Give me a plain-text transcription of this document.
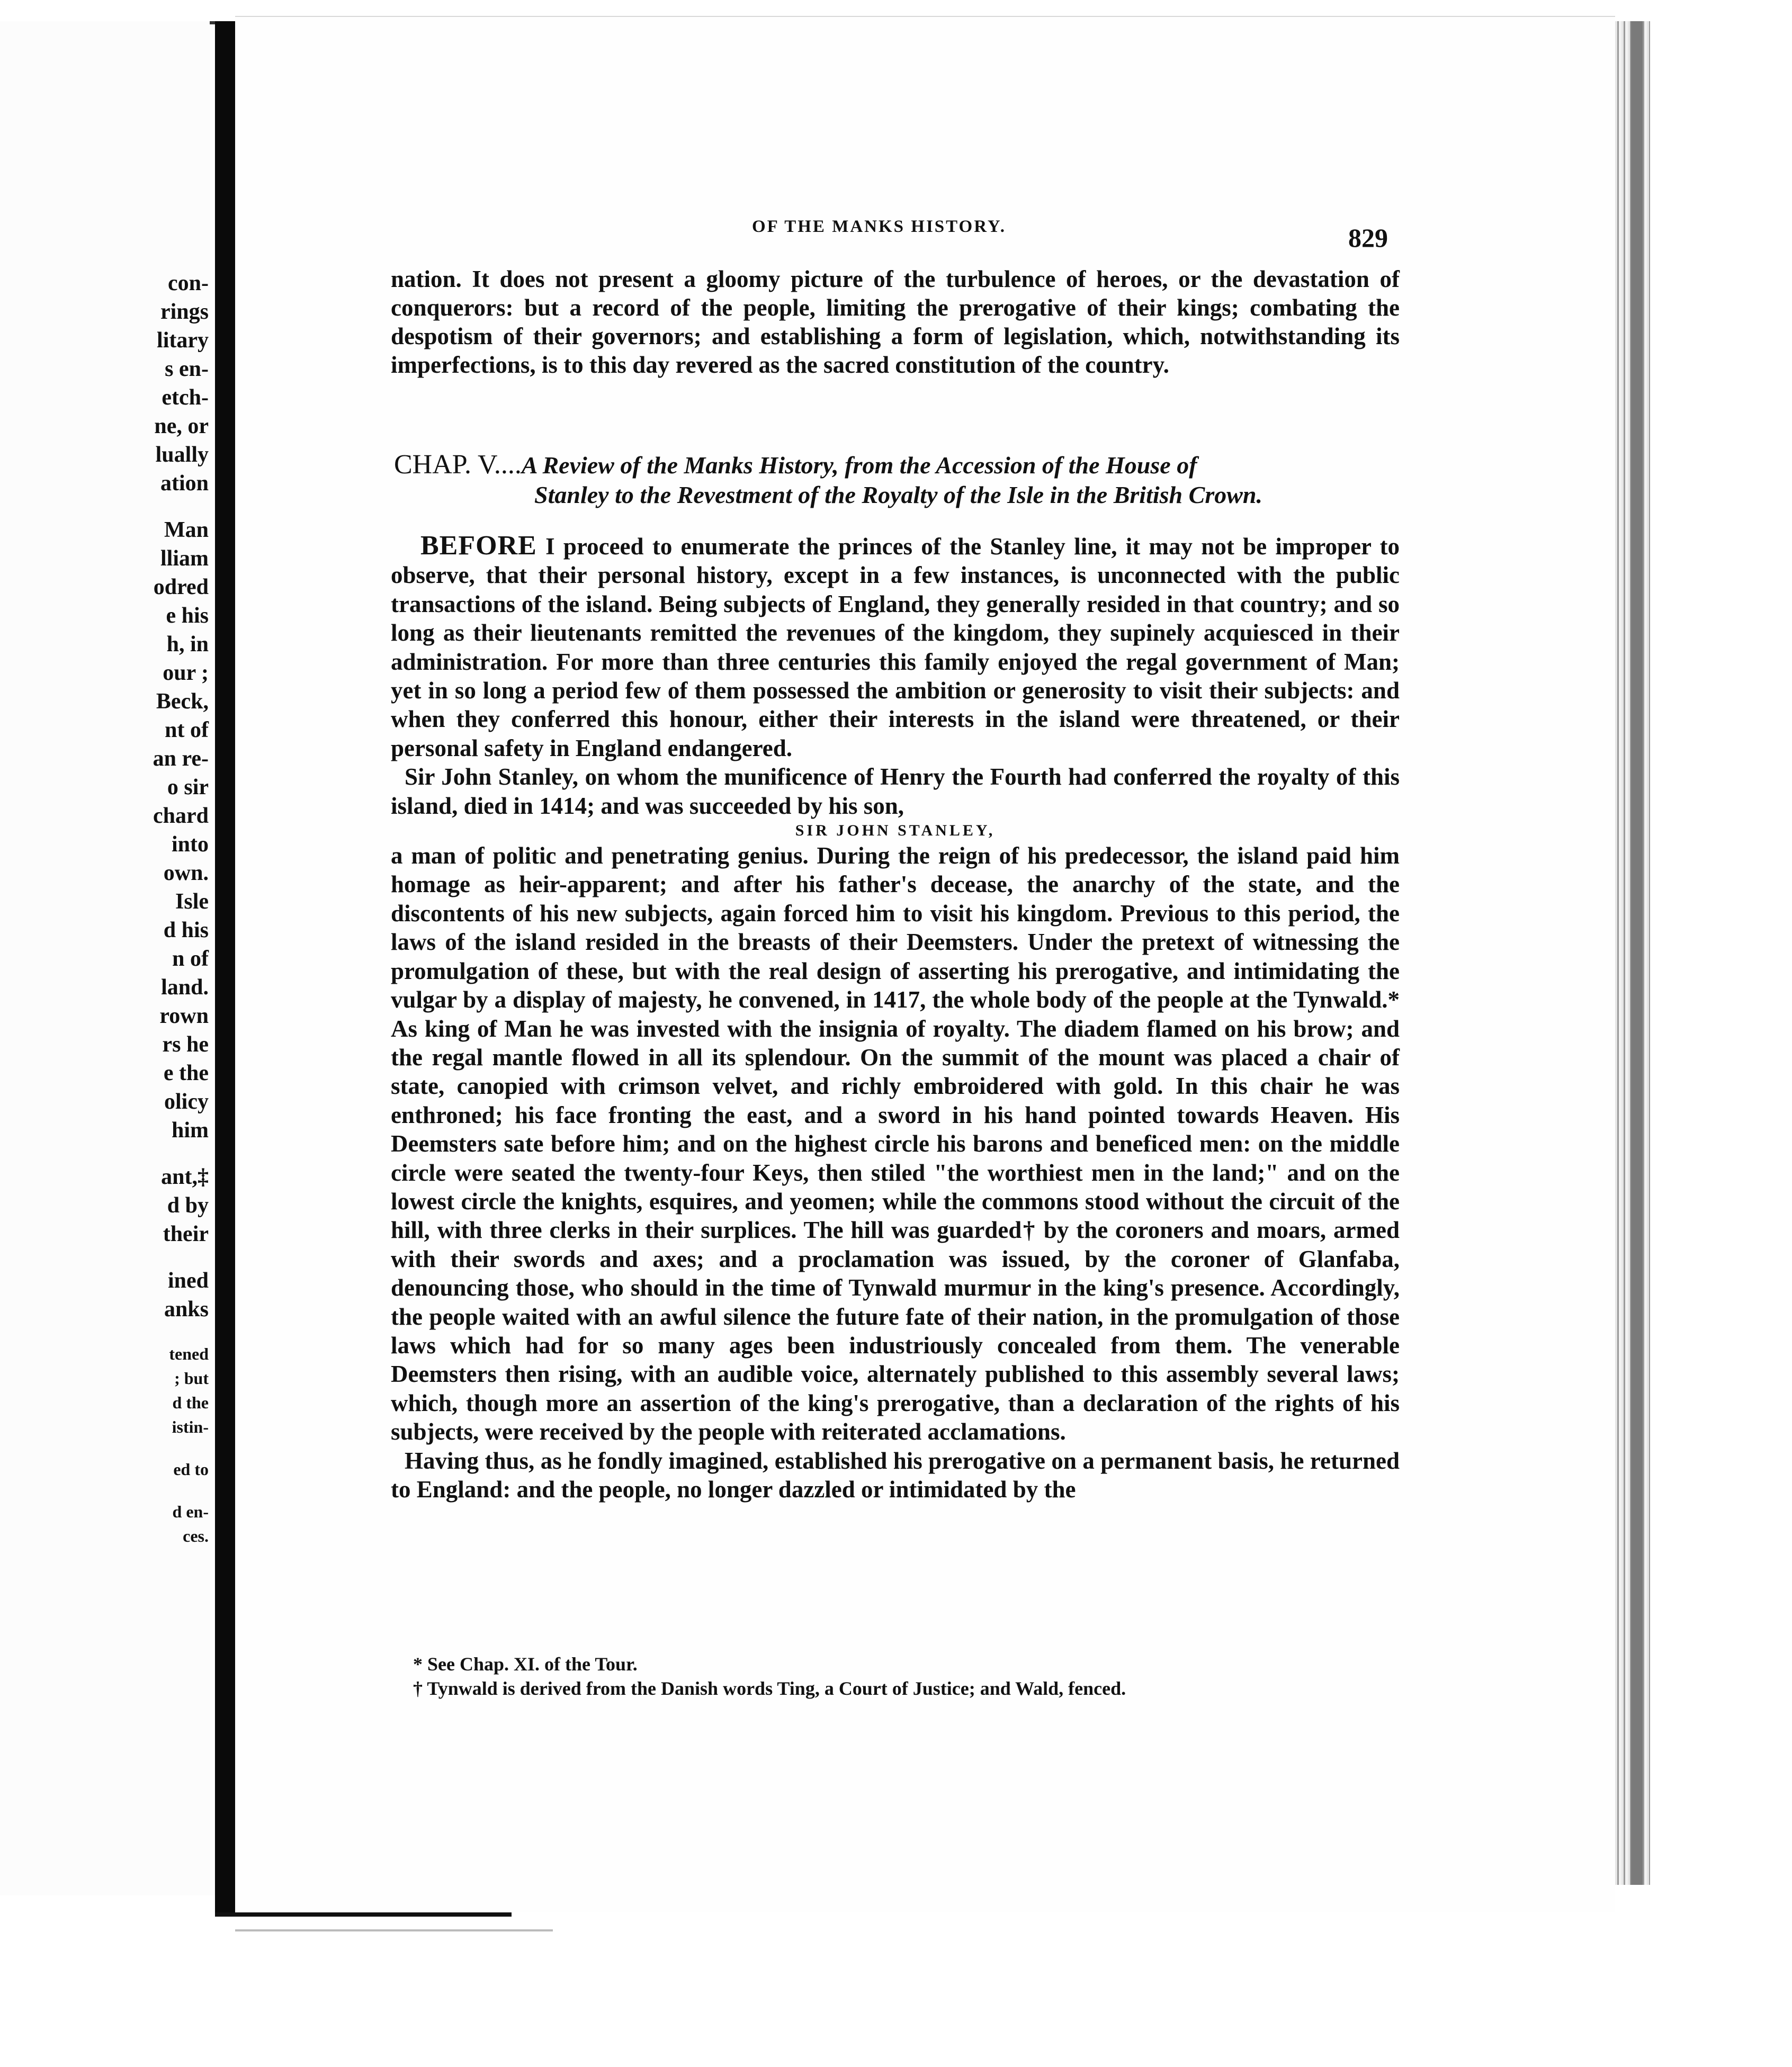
con-
rings
litary
s en-
etch-
ne, or
lually
ation
Man
lliam
odred
e his
h, in
our ;
Beck,
nt of
an re-
o sir
chard
into
own.
Isle
d his
n of
land.
rown
rs he
e the
olicy
him
ant,‡
d by
their
ined
anks
tened
; but
d the
istin-
ed to
d en-
ces.
OF THE MANKS HISTORY.	829

nation. It does not present a gloomy picture of the turbulence of heroes, or the devastation of conquerors: but a record of the people, limiting the prerogative of their kings; combating the despotism of their governors; and establishing a form of legislation, which, notwithstanding its imperfections, is to this day revered as the sacred constitution of the country.

CHAP. V....A Review of the Manks History, from the Accession of the House of
Stanley to the Revestment of the Royalty of the Isle in the British Crown.

BEFORE I proceed to enumerate the princes of the Stanley line, it may not be improper to observe, that their personal history, except in a few instances, is unconnected with the public transactions of the island. Being subjects of England, they generally resided in that country; and so long as their lieutenants remitted the revenues of the kingdom, they supinely acquiesced in their administration. For more than three centuries this family enjoyed the regal government of Man; yet in so long a period few of them possessed the ambition or generosity to visit their subjects: and when they conferred this honour, either their interests in the island were threatened, or their personal safety in England endangered.

Sir John Stanley, on whom the munificence of Henry the Fourth had conferred the royalty of this island, died in 1414; and was succeeded by his son,

SIR JOHN STANLEY,

a man of politic and penetrating genius. During the reign of his predecessor, the island paid him homage as heir-apparent; and after his father's decease, the anarchy of the state, and the discontents of his new subjects, again forced him to visit his kingdom. Previous to this period, the laws of the island resided in the breasts of their Deemsters. Under the pretext of witnessing the promulgation of these, but with the real design of asserting his prerogative, and intimidating the vulgar by a display of majesty, he convened, in 1417, the whole body of the people at the Tynwald.* As king of Man he was invested with the insignia of royalty. The diadem flamed on his brow; and the regal mantle flowed in all its splendour. On the summit of the mount was placed a chair of state, canopied with crimson velvet, and richly embroidered with gold. In this chair he was enthroned; his face fronting the east, and a sword in his hand pointed towards Heaven. His Deemsters sate before him; and on the highest circle his barons and beneficed men: on the middle circle were seated the twenty-four Keys, then stiled "the worthiest men in the land;" and on the lowest circle the knights, esquires, and yeomen; while the commons stood without the circuit of the hill, with three clerks in their surplices. The hill was guarded† by the coroners and moars, armed with their swords and axes; and a proclamation was issued, by the coroner of Glanfaba, denouncing those, who should in the time of Tynwald murmur in the king's presence. Accordingly, the people waited with an awful silence the future fate of their nation, in the promulgation of those laws which had for so many ages been industriously concealed from them. The venerable Deemsters then rising, with an audible voice, alternately published to this assembly several laws; which, though more an assertion of the king's prerogative, than a declaration of the rights of his subjects, were received by the people with reiterated acclamations.

Having thus, as he fondly imagined, established his prerogative on a permanent basis, he returned to England: and the people, no longer dazzled or intimidated by the

* See Chap. XI. of the Tour.
† Tynwald is derived from the Danish words Ting, a Court of Justice; and Wald, fenced.
